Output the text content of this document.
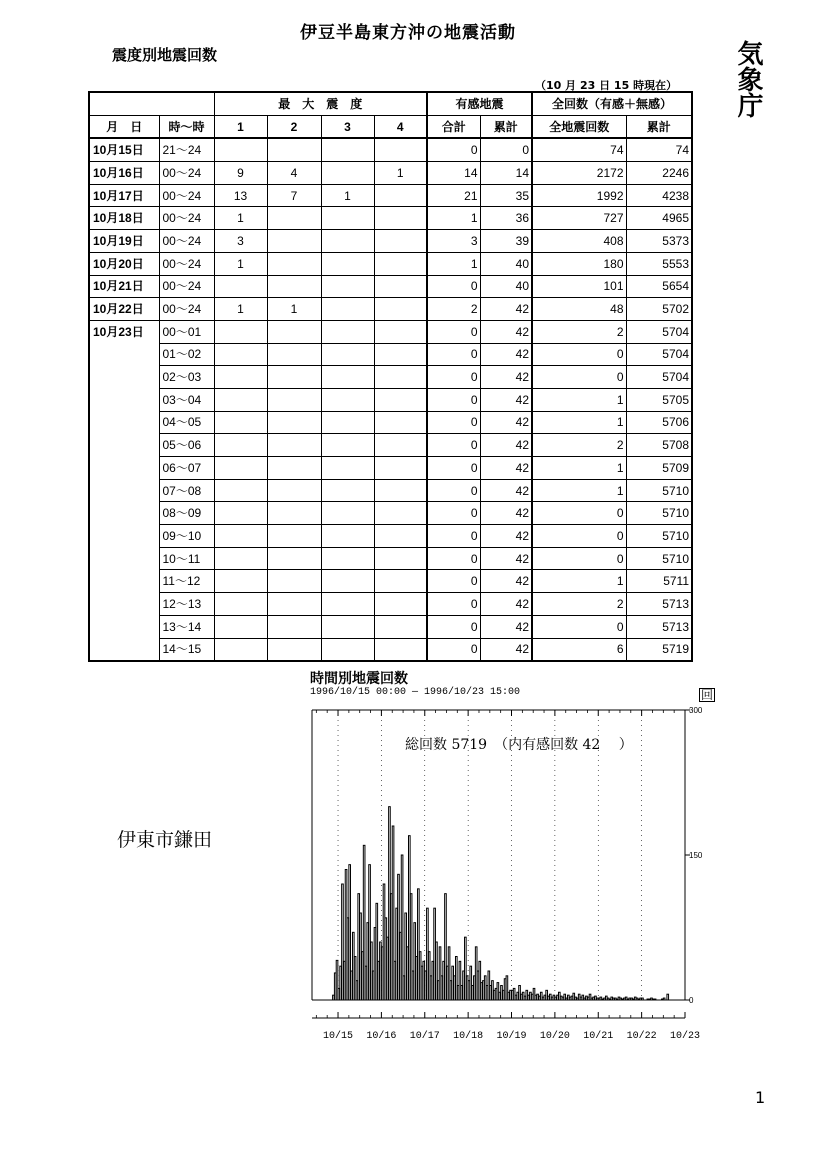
伊豆半島東方沖の地震活動
震度別地震回数
（10 月 23 日 15 時現在） 気象庁
		最　大　震　度				有感地震		全回数（有感＋無感）	
月　日	時〜時	1	2	3	4	合計	累計	全地震回数	累計
10月15日	21〜24					0	0	74	74
10月16日	00〜24	9	4		1	14	14	2172	2246
10月17日	00〜24	13	7	1		21	35	1992	4238
10月18日	00〜24	1				1	36	727	4965
10月19日	00〜24	3				3	39	408	5373
10月20日	00〜24	1				1	40	180	5553
10月21日	00〜24					0	40	101	5654
10月22日	00〜24	1	1			2	42	48	5702
10月23日	00〜01					0	42	2	5704
	01〜02					0	42	0	5704
	02〜03					0	42	0	5704
	03〜04					0	42	1	5705
	04〜05					0	42	1	5706
	05〜06					0	42	2	5708
	06〜07					0	42	1	5709
	07〜08					0	42	1	5710
	08〜09					0	42	0	5710
	09〜10					0	42	0	5710
	10〜11					0	42	0	5710
	11〜12					0	42	1	5711
	12〜13					0	42	2	5713
	13〜14					0	42	0	5713
	14〜15					0	42	6	5719
伊東市鎌田
時間別地震回数
1996/10/15 00:00 — 1996/10/23 15:00	回
10/15 10/16 10/17 10/18 10/19 10/20 10/21 10/22 10/23
300
150
0
総回数 5719　（内有感回数 42　 ）
1
